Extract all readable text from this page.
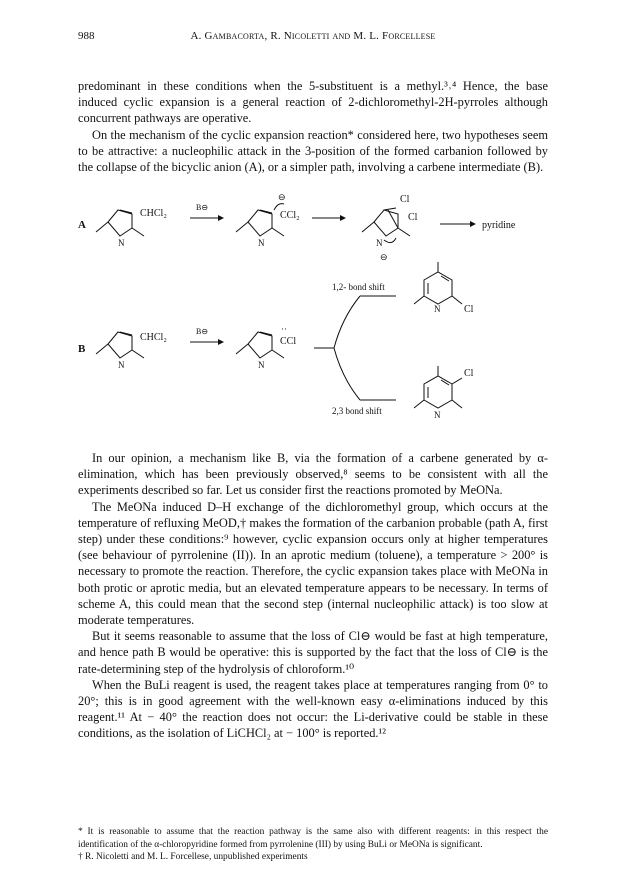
988	A. Gambacorta, R. Nicoletti and M. L. Forcellese

predominant in these conditions when the 5-substituent is a methyl.³˒⁴ Hence, the base induced cyclic expansion is a general reaction of 2-dichloromethyl-2H-pyrroles although concurrent pathways are operative.

On the mechanism of the cyclic expansion reaction* considered here, two hypotheses seem to be attractive: a nucleophilic attack in the 3-position of the formed carbanion followed by the collapse of the bicyclic anion (A), or a simpler path, involving a carbene intermediate (B).

A
N
CHCl₂
B⊖
N
⊖
CCl₂
Cl
Cl
N
⊖
pyridine
B
N
CHCl₂
B⊖
N
··
CCl
1,2- bond shift
2,3 bond shift
N Cl
Cl
N

In our opinion, a mechanism like B, via the formation of a carbene generated by α-elimination, which has been previously observed,⁸ seems to be consistent with all the experiments described so far. Let us consider first the reactions promoted by MeONa.

The MeONa induced D–H exchange of the dichloromethyl group, which occurs at the temperature of refluxing MeOD,† makes the formation of the carbanion probable (path A, first step) under these conditions:⁹ however, cyclic expansion occurs only at higher temperatures (see behaviour of pyrrolenine (II)). In an aprotic medium (toluene), a temperature > 200° is necessary to promote the reaction. Therefore, the cyclic expansion takes place with MeONa in both protic or aprotic media, but an elevated temperature appears to be necessary. In terms of scheme A, this could mean that the second step (internal nucleophilic attack) is too slow at moderate temperatures.

But it seems reasonable to assume that the loss of Cl⊖ would be fast at high temperature, and hence path B would be operative: this is supported by the fact that the loss of Cl⊖ is the rate-determining step of the hydrolysis of chloroform.¹⁰

When the BuLi reagent is used, the reagent takes place at temperatures ranging from 0° to 20°; this is in good agreement with the well-known easy α-eliminations induced by this reagent.¹¹ At − 40° the reaction does not occur: the Li-derivative could be stable in these conditions, as the isolation of LiCHCl₂ at − 100° is reported.¹²

* It is reasonable to assume that the reaction pathway is the same also with different reagents: in this respect the identification of the α-chloropyridine formed from pyrrolenine (III) by using BuLi or MeONa is significant.

† R. Nicoletti and M. L. Forcellese, unpublished experiments
